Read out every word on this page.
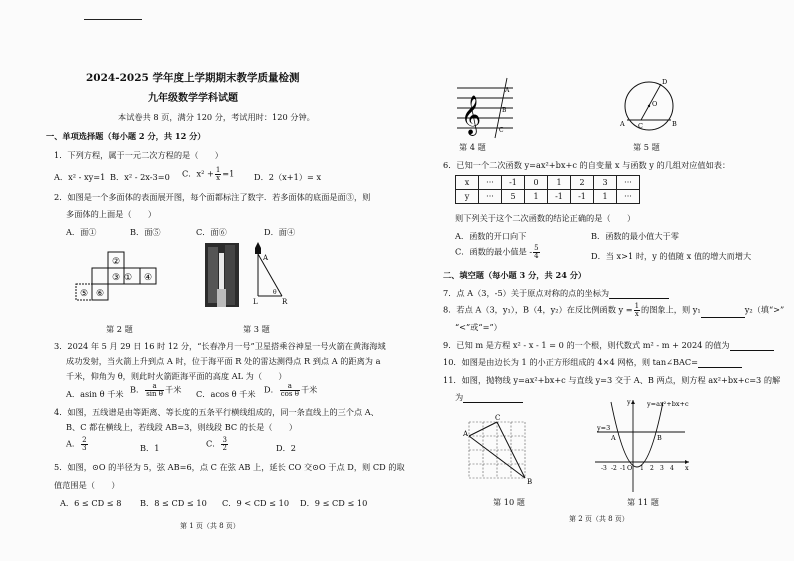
2024-2025 学年度上学期期末教学质量检测
九年级数学学科试题
本试卷共 8 页，满分 120 分，考试用时：120 分钟。
一、单项选择题（每小题 2 分，共 12 分）
1．下列方程，属于一元二次方程的是（　　）
A．x² - xy=1 B．x² - 2x-3=0 C．$x^2 + \frac{1}{x} =1$ D．2（x+1）= x
2．如图是一个多面体的表面展开图，每个面都标注了数字．若多面体的底面是面③，则
多面体的上面是（　　）
A．面①	B．面⑤	C．面⑥	D．面④
①
②
③	④
⑤ ⑥
第 2 题
A
L	R
θ
第 3 题
3．2024 年 5 月 29 日 16 时 12 分，“长春净月一号”卫星搭乘谷神星一号火箭在黄海海域
成功发射，当火箭上升到点 A 时，位于海平面 R 处的雷达测得点 R 到点 A 的距离为 a
千米，仰角为 θ，则此时火箭距海平面的高度 AL 为（　　）
A．asin θ 千米 B． $\frac{a}{\text{sin θ}}$ 千米 C．acos θ 千米 D． $\frac{a}{\text{cos θ}}$ 千米
4．如图，五线谱是由等距离、等长度的五条平行横线组成的，同一条直线上的三个点 A、
B、C 都在横线上，若线段 AB=3，则线段 BC 的长是（　　）
A． $\frac{2}{3}$	B．1	C． $\frac{3}{2}$	D．2
5．如图，⊙O 的半径为 5，弦 AB=6，点 C 在弦 AB 上，延长 CO 交⊙O 于点 D，则 CD 的取
值范围是（　　）
A．6 ≤ CD ≤ 8 B．8 ≤ CD ≤ 10 C．9 < CD ≤ 10 D．9 ≤ CD ≤ 10
第 1 页（共 8 页）
𝄞
A
B
C
第 4 题
D
O
A C	B
第 5 题
6．已知一个二次函数 y=ax²+bx+c 的自变量 x 与函数 y 的几组对应值如表：
x	···	-1	0	1	2	3	···
y	···	5	1	-1	-1	1	···
则下列关于这个二次函数的结论正确的是（　　）
A．函数的开口向下	B．函数的最小值大于零
C．函数的最小值是 - $\frac{5}{4}$	D．当 x>1 时，y 的值随 x 值的增大而增大
二、填空题（每小题 3 分，共 24 分）
7．点 A（3，-5）关于原点对称的点的坐标为
8．若点 A（3，y₁），B（4，y₂）在反比例函数 $y = \frac{1}{x}$ 的图象上，则 y₁	y₂（填“>”
“<”或“=”）
9．已知 m 是方程 x² - x - 1 = 0 的一个根，则代数式 m² - m + 2024 的值为
10．如图是由边长为 1 的小正方形组成的 4×4 网格，则 tan∠BAC=
11．如图，抛物线 y=ax²+bx+c 与直线 y=3 交于 A、B 两点，则方程 ax²+bx+c=3 的解
为
A
B
C
第 10 题
y=ax²+bx+c
y=3
x
y
A	B
O
-3 -2 -1 1 2 3 4
第 11 题
第 2 页（共 8 页）
